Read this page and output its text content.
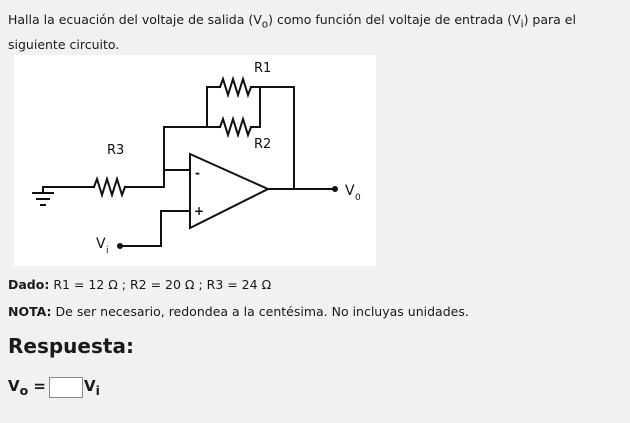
Halla la ecuación del voltaje de salida $(V_o)$ como función del voltaje de entrada $(V_i)$ para el siguiente circuito.
R1
R2
R3
-
+
V i
V 0
Dado: R1 = 12 Ω ; R2 = 20 Ω ; R3 = 24 Ω
NOTA: De ser necesario, redondea a la centésima. No incluyas unidades.
Respuesta:
$V_o$ =	$V_i$
